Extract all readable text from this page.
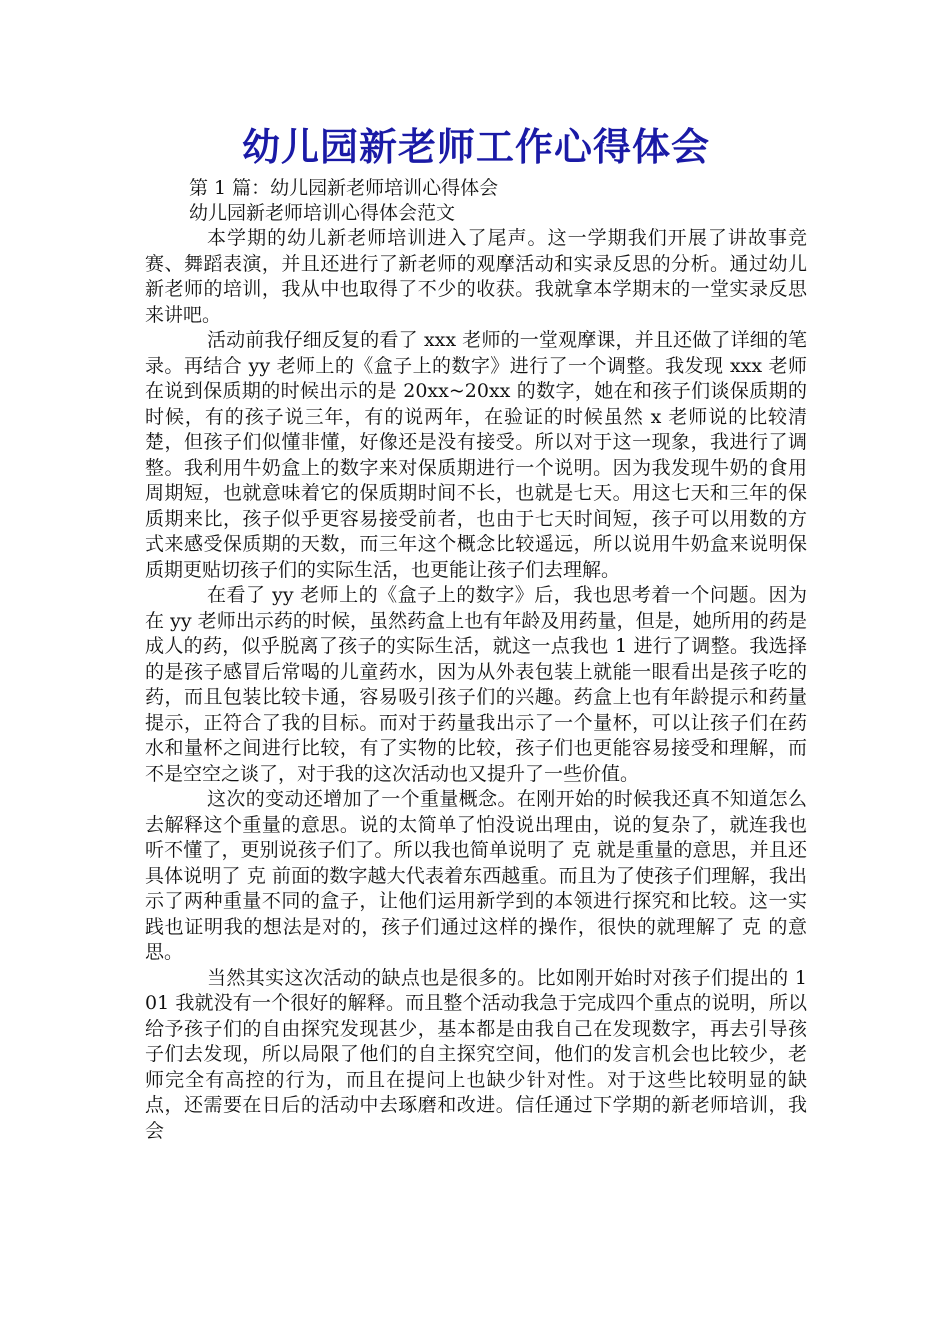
幼儿园新老师工作心得体会

第 1 篇：幼儿园新老师培训心得体会

幼儿园新老师培训心得体会范文

本学期的幼儿新老师培训进入了尾声。这一学期我们开展了讲故事竞赛、舞蹈表演，并且还进行了新老师的观摩活动和实录反思的分析。通过幼儿新老师的培训，我从中也取得了不少的收获。我就拿本学期末的一堂实录反思来讲吧。

活动前我仔细反复的看了 xxx 老师的一堂观摩课，并且还做了详细的笔录。再结合 yy 老师上的《盒子上的数字》进行了一个调整。我发现 xxx 老师在说到保质期的时候出示的是 20xx~20xx 的数字，她在和孩子们谈保质期的时候，有的孩子说三年，有的说两年，在验证的时候虽然 x 老师说的比较清楚，但孩子们似懂非懂，好像还是没有接受。所以对于这一现象，我进行了调整。我利用牛奶盒上的数字来对保质期进行一个说明。因为我发现牛奶的食用周期短，也就意味着它的保质期时间不长，也就是七天。用这七天和三年的保质期来比，孩子似乎更容易接受前者，也由于七天时间短，孩子可以用数的方式来感受保质期的天数，而三年这个概念比较遥远，所以说用牛奶盒来说明保质期更贴切孩子们的实际生活，也更能让孩子们去理解。

在看了 yy 老师上的《盒子上的数字》后，我也思考着一个问题。因为在 yy 老师出示药的时候，虽然药盒上也有年龄及用药量，但是，她所用的药是成人的药，似乎脱离了孩子的实际生活，就这一点我也 1 进行了调整。我选择的是孩子感冒后常喝的儿童药水，因为从外表包装上就能一眼看出是孩子吃的药，而且包装比较卡通，容易吸引孩子们的兴趣。药盒上也有年龄提示和药量提示，正符合了我的目标。而对于药量我出示了一个量杯，可以让孩子们在药水和量杯之间进行比较，有了实物的比较，孩子们也更能容易接受和理解，而不是空空之谈了，对于我的这次活动也又提升了一些价值。

这次的变动还增加了一个重量概念。在刚开始的时候我还真不知道怎么去解释这个重量的意思。说的太简单了怕没说出理由，说的复杂了，就连我也听不懂了，更别说孩子们了。所以我也简单说明了 克 就是重量的意思，并且还具体说明了 克 前面的数字越大代表着东西越重。而且为了使孩子们理解，我出示了两种重量不同的盒子，让他们运用新学到的本领进行探究和比较。这一实践也证明我的想法是对的，孩子们通过这样的操作，很快的就理解了 克 的意思。

当然其实这次活动的缺点也是很多的。比如刚开始时对孩子们提出的 101 我就没有一个很好的解释。而且整个活动我急于完成四个重点的说明，所以给予孩子们的自由探究发现甚少，基本都是由我自己在发现数字，再去引导孩子们去发现，所以局限了他们的自主探究空间，他们的发言机会也比较少，老师完全有高控的行为，而且在提问上也缺少针对性。对于这些比较明显的缺点，还需要在日后的活动中去琢磨和改进。信任通过下学期的新老师培训，我会
